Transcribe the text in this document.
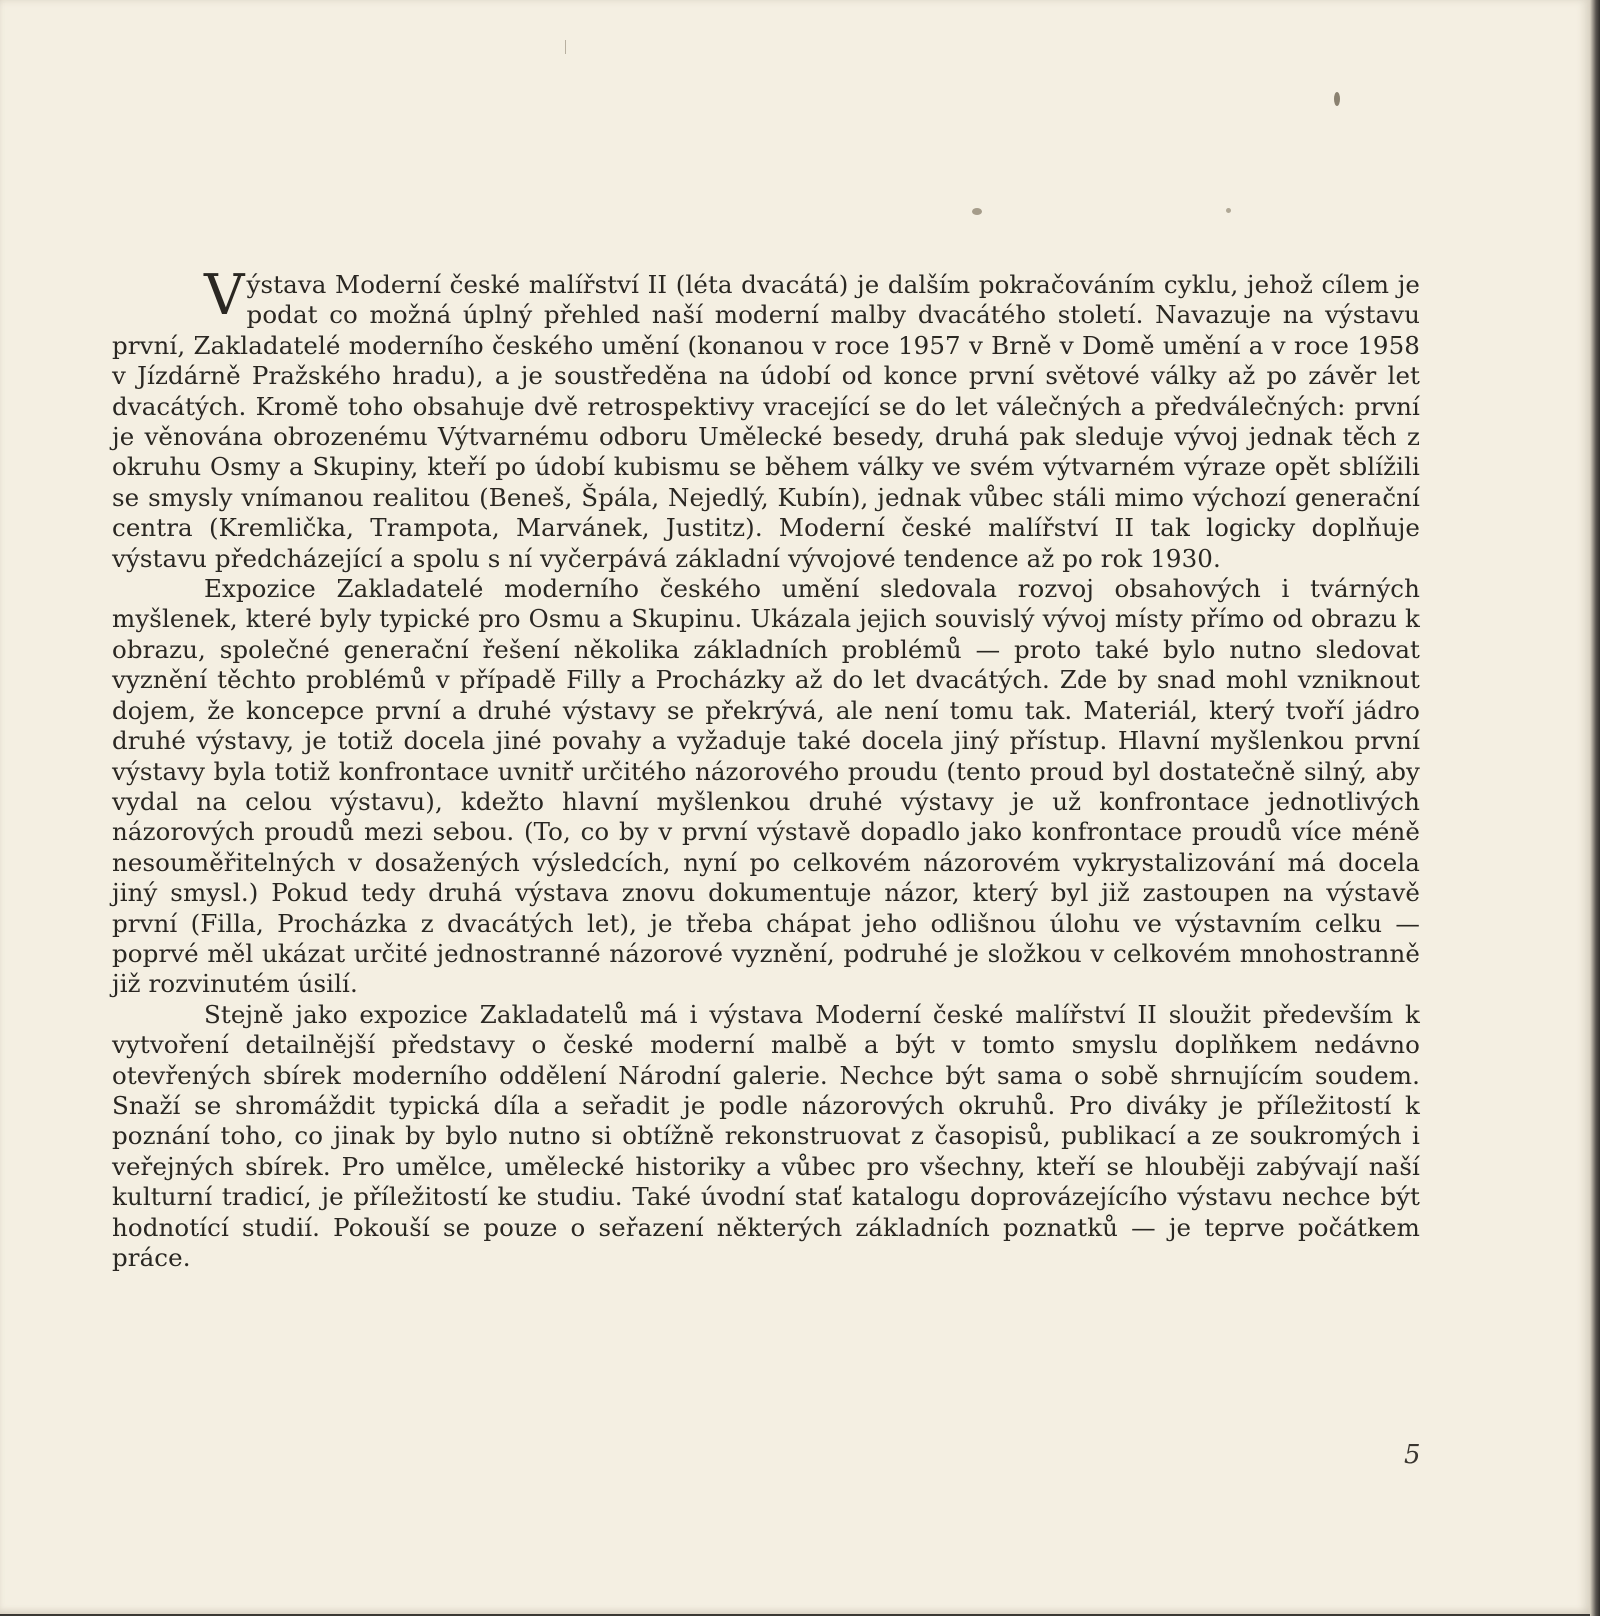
Výstava Moderní české malířství II (léta dvacátá) je dalším pokračováním cyklu, jehož cílem je podat co možná úplný přehled naší moderní malby dvacátého století. Navazuje na výstavu první, Zakladatelé moderního českého umění (konanou v roce 1957 v Brně v Domě umění a v roce 1958 v Jízdárně Pražského hradu), a je soustředěna na údobí od konce první světové války až po závěr let dvacátých. Kromě toho obsahuje dvě retrospektivy vracející se do let válečných a předválečných: první je věnována obrozenému Výtvarnému odboru Umělecké besedy, druhá pak sleduje vývoj jednak těch z okruhu Osmy a Skupiny, kteří po údobí kubismu se během války ve svém výtvarném výraze opět sblížili se smysly vnímanou realitou (Beneš, Špála, Nejedlý, Kubín), jednak vůbec stáli mimo výchozí generační centra (Kremlička, Trampota, Marvánek, Justitz). Moderní české malířství II tak logicky doplňuje výstavu předcházející a spolu s ní vyčerpává základní vývojové tendence až po rok 1930.

Expozice Zakladatelé moderního českého umění sledovala rozvoj obsahových i tvárných myšlenek, které byly typické pro Osmu a Skupinu. Ukázala jejich souvislý vývoj místy přímo od obrazu k obrazu, společné generační řešení několika základních problémů — proto také bylo nutno sledovat vyznění těchto problémů v případě Filly a Procházky až do let dvacátých. Zde by snad mohl vzniknout dojem, že koncepce první a druhé výstavy se překrývá, ale není tomu tak. Materiál, který tvoří jádro druhé výstavy, je totiž docela jiné povahy a vyžaduje také docela jiný přístup. Hlavní myšlenkou první výstavy byla totiž konfrontace uvnitř určitého názorového proudu (tento proud byl dostatečně silný, aby vydal na celou výstavu), kdežto hlavní myšlenkou druhé výstavy je už konfrontace jednotlivých názorových proudů mezi sebou. (To, co by v první výstavě dopadlo jako konfrontace proudů více méně nesouměřitelných v dosažených výsledcích, nyní po celkovém názorovém vykrystalizování má docela jiný smysl.) Pokud tedy druhá výstava znovu dokumentuje názor, který byl již zastoupen na výstavě první (Filla, Procházka z dvacátých let), je třeba chápat jeho odlišnou úlohu ve výstavním celku — poprvé měl ukázat určité jednostranné názorové vyznění, podruhé je složkou v celkovém mnohostranně již rozvinutém úsilí.

Stejně jako expozice Zakladatelů má i výstava Moderní české malířství II sloužit především k vytvoření detailnější představy o české moderní malbě a být v tomto smyslu doplňkem nedávno otevřených sbírek moderního oddělení Národní galerie. Nechce být sama o sobě shrnujícím soudem. Snaží se shromáždit typická díla a seřadit je podle názorových okruhů. Pro diváky je příležitostí k poznání toho, co jinak by bylo nutno si obtížně rekonstruovat z časopisů, publikací a ze soukromých i veřejných sbírek. Pro umělce, umělecké historiky a vůbec pro všechny, kteří se hlouběji zabývají naší kulturní tradicí, je příležitostí ke studiu. Také úvodní stať katalogu doprovázejícího výstavu nechce být hodnotící studií. Pokouší se pouze o seřazení některých základních poznatků — je teprve počátkem práce.

5
